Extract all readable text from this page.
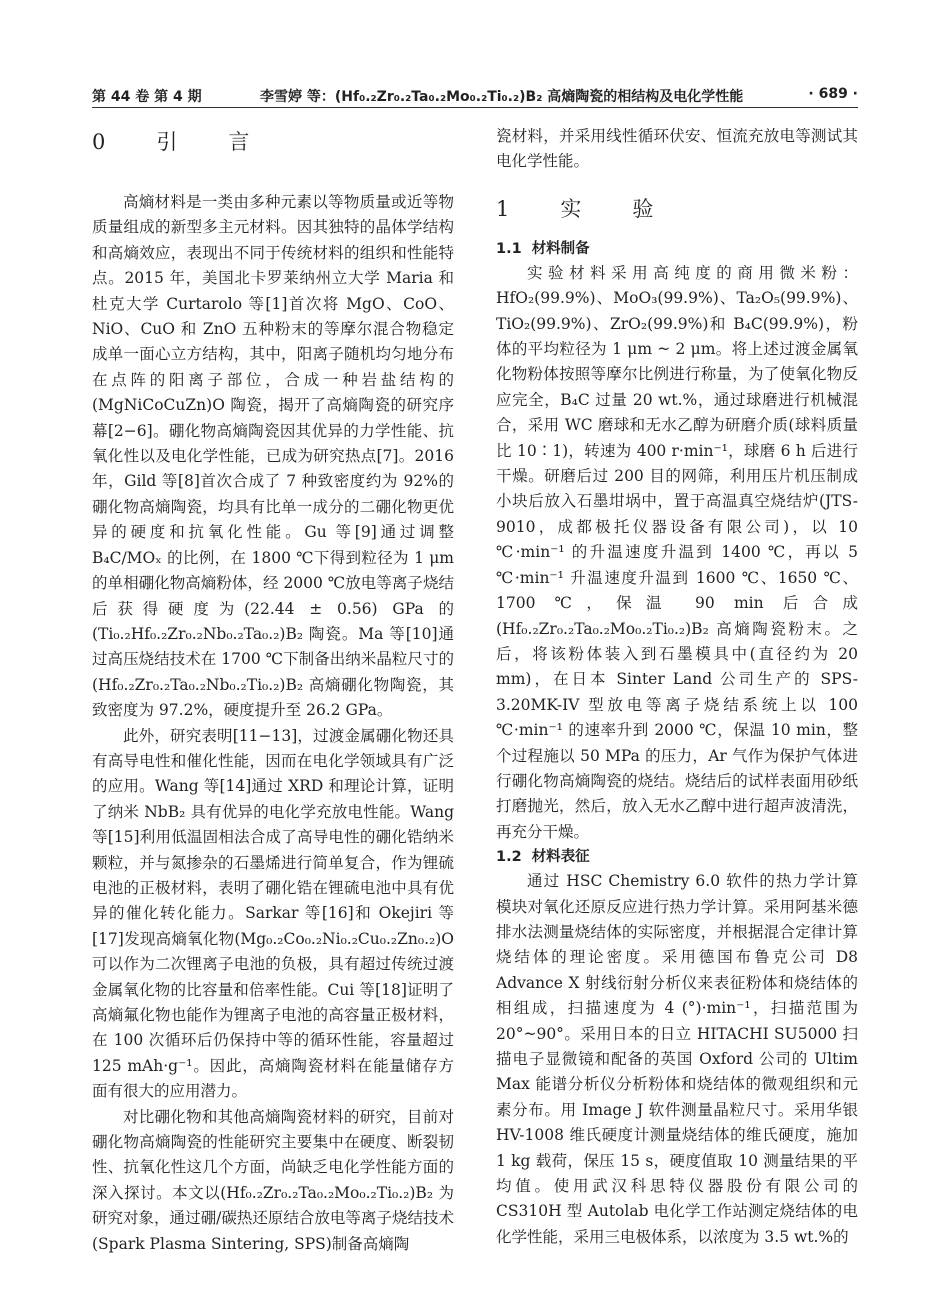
第 44 卷 第 4 期	李雪婷 等：(Hf₀.₂Zr₀.₂Ta₀.₂Mo₀.₂Ti₀.₂)B₂ 高熵陶瓷的相结构及电化学性能	· 689 ·
0　引　言

高熵材料是一类由多种元素以等物质量或近等物质量组成的新型多主元材料。因其独特的晶体学结构和高熵效应，表现出不同于传统材料的组织和性能特点。2015 年，美国北卡罗莱纳州立大学 Maria 和杜克大学 Curtarolo 等[1]首次将 MgO、CoO、NiO、CuO 和 ZnO 五种粉末的等摩尔混合物稳定成单一面心立方结构，其中，阳离子随机均匀地分布在点阵的阳离子部位，合成一种岩盐结构的(MgNiCoCuZn)O 陶瓷，揭开了高熵陶瓷的研究序幕[2−6]。硼化物高熵陶瓷因其优异的力学性能、抗氧化性以及电化学性能，已成为研究热点[7]。2016 年，Gild 等[8]首次合成了 7 种致密度约为 92%的硼化物高熵陶瓷，均具有比单一成分的二硼化物更优异的硬度和抗氧化性能。Gu 等[9]通过调整 B₄C/MOₓ 的比例，在 1800 ℃下得到粒径为 1 μm 的单相硼化物高熵粉体，经 2000 ℃放电等离子烧结后获得硬度为(22.44 ± 0.56) GPa 的(Ti₀.₂Hf₀.₂Zr₀.₂Nb₀.₂Ta₀.₂)B₂ 陶瓷。Ma 等[10]通过高压烧结技术在 1700 ℃下制备出纳米晶粒尺寸的(Hf₀.₂Zr₀.₂Ta₀.₂Nb₀.₂Ti₀.₂)B₂ 高熵硼化物陶瓷，其致密度为 97.2%，硬度提升至 26.2 GPa。

此外，研究表明[11−13]，过渡金属硼化物还具有高导电性和催化性能，因而在电化学领域具有广泛的应用。Wang 等[14]通过 XRD 和理论计算，证明了纳米 NbB₂ 具有优异的电化学充放电性能。Wang 等[15]利用低温固相法合成了高导电性的硼化锆纳米颗粒，并与氮掺杂的石墨烯进行简单复合，作为锂硫电池的正极材料，表明了硼化锆在锂硫电池中具有优异的催化转化能力。Sarkar 等[16]和 Okejiri 等[17]发现高熵氧化物(Mg₀.₂Co₀.₂Ni₀.₂Cu₀.₂Zn₀.₂)O 可以作为二次锂离子电池的负极，具有超过传统过渡金属氧化物的比容量和倍率性能。Cui 等[18]证明了高熵氟化物也能作为锂离子电池的高容量正极材料，在 100 次循环后仍保持中等的循环性能，容量超过 125 mAh·g⁻¹。因此，高熵陶瓷材料在能量储存方面有很大的应用潜力。

对比硼化物和其他高熵陶瓷材料的研究，目前对硼化物高熵陶瓷的性能研究主要集中在硬度、断裂韧性、抗氧化性这几个方面，尚缺乏电化学性能方面的深入探讨。本文以(Hf₀.₂Zr₀.₂Ta₀.₂Mo₀.₂Ti₀.₂)B₂ 为研究对象，通过硼/碳热还原结合放电等离子烧结技术(Spark Plasma Sintering, SPS)制备高熵陶

瓷材料，并采用线性循环伏安、恒流充放电等测试其电化学性能。

1　实　验
1.1 材料制备

实验材料采用高纯度的商用微米粉：HfO₂(99.9%)、MoO₃(99.9%)、Ta₂O₅(99.9%)、TiO₂(99.9%)、ZrO₂(99.9%)和 B₄C(99.9%)，粉体的平均粒径为 1 μm ~ 2 μm。将上述过渡金属氧化物粉体按照等摩尔比例进行称量，为了使氧化物反应完全，B₄C 过量 20 wt.%，通过球磨进行机械混合，采用 WC 磨球和无水乙醇为研磨介质(球料质量比 10∶1)，转速为 400 r·min⁻¹，球磨 6 h 后进行干燥。研磨后过 200 目的网筛，利用压片机压制成小块后放入石墨坩埚中，置于高温真空烧结炉(JTS-9010，成都极托仪器设备有限公司)，以 10 ℃·min⁻¹ 的升温速度升温到 1400 ℃，再以 5 ℃·min⁻¹ 升温速度升温到 1600 ℃、1650 ℃、1700 ℃，保温 90 min 后合成(Hf₀.₂Zr₀.₂Ta₀.₂Mo₀.₂Ti₀.₂)B₂ 高熵陶瓷粉末。之后，将该粉体装入到石墨模具中(直径约为 20 mm)，在日本 Sinter Land 公司生产的 SPS-3.20MK-IV 型放电等离子烧结系统上以 100 ℃·min⁻¹ 的速率升到 2000 ℃，保温 10 min，整个过程施以 50 MPa 的压力，Ar 气作为保护气体进行硼化物高熵陶瓷的烧结。烧结后的试样表面用砂纸打磨抛光，然后，放入无水乙醇中进行超声波清洗，再充分干燥。

1.2 材料表征

通过 HSC Chemistry 6.0 软件的热力学计算模块对氧化还原反应进行热力学计算。采用阿基米德排水法测量烧结体的实际密度，并根据混合定律计算烧结体的理论密度。采用德国布鲁克公司 D8 Advance X 射线衍射分析仪来表征粉体和烧结体的相组成，扫描速度为 4 (°)·min⁻¹，扫描范围为 20°~90°。采用日本的日立 HITACHI SU5000 扫描电子显微镜和配备的英国 Oxford 公司的 Ultim Max 能谱分析仪分析粉体和烧结体的微观组织和元素分布。用 Image J 软件测量晶粒尺寸。采用华银 HV-1008 维氏硬度计测量烧结体的维氏硬度，施加 1 kg 载荷，保压 15 s，硬度值取 10 测量结果的平均值。使用武汉科思特仪器股份有限公司的 CS310H 型 Autolab 电化学工作站测定烧结体的电化学性能，采用三电极体系，以浓度为 3.5 wt.%的
